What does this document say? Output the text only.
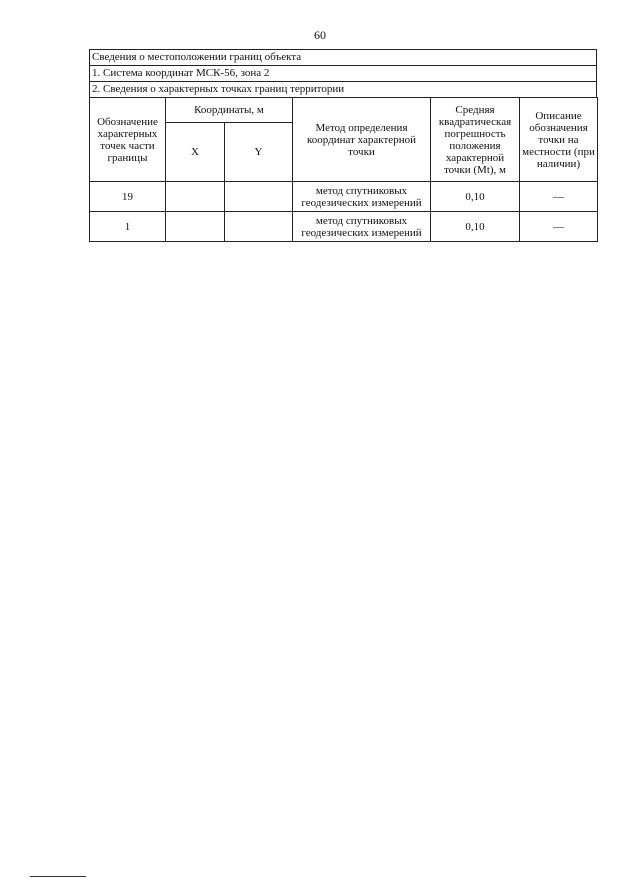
60
Сведения о местоположении границ объекта
1. Система координат МСК-56, зона 2
2. Сведения о характерных точках границ территории
Обозначение характерных точек части границы	Координаты, м		Метод определения координат характерной точки	Средняя квадратическая погрешность положения характерной точки (Mt), м	Описание обозначения точки на местности (при наличии)
	X	Y			
19			метод спутниковых геодезических измерений	0,10	—
1			метод спутниковых геодезических измерений	0,10	—
